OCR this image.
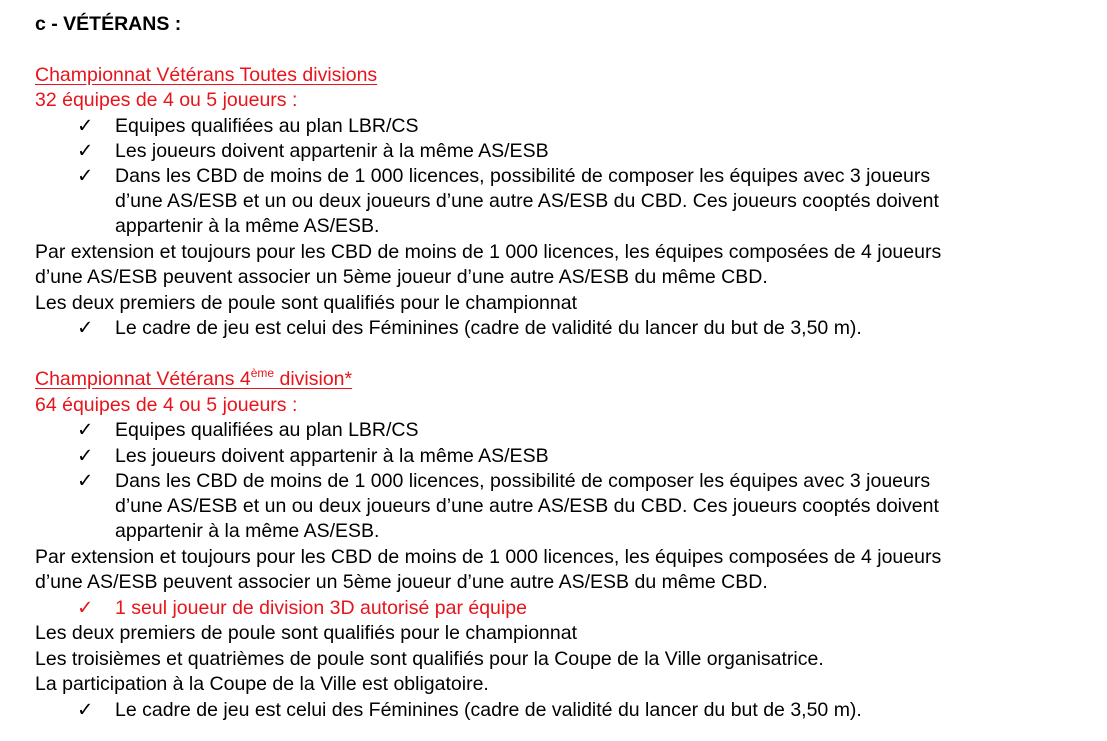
c - VÉTÉRANS :
Championnat Vétérans Toutes divisions
32 équipes de 4 ou 5 joueurs :
✓ Equipes qualifiées au plan LBR/CS
✓ Les joueurs doivent appartenir à la même AS/ESB
✓ Dans les CBD de moins de 1 000 licences, possibilité de composer les équipes avec 3 joueurs
d’une AS/ESB et un ou deux joueurs d’une autre AS/ESB du CBD. Ces joueurs cooptés doivent
appartenir à la même AS/ESB.
Par extension et toujours pour les CBD de moins de 1 000 licences, les équipes composées de 4 joueurs
d’une AS/ESB peuvent associer un 5ème joueur d’une autre AS/ESB du même CBD.
Les deux premiers de poule sont qualifiés pour le championnat
✓ Le cadre de jeu est celui des Féminines (cadre de validité du lancer du but de 3,50 m).
Championnat Vétérans 4ème division*
64 équipes de 4 ou 5 joueurs :
✓ Equipes qualifiées au plan LBR/CS
✓ Les joueurs doivent appartenir à la même AS/ESB
✓ Dans les CBD de moins de 1 000 licences, possibilité de composer les équipes avec 3 joueurs
d’une AS/ESB et un ou deux joueurs d’une autre AS/ESB du CBD. Ces joueurs cooptés doivent
appartenir à la même AS/ESB.
Par extension et toujours pour les CBD de moins de 1 000 licences, les équipes composées de 4 joueurs
d’une AS/ESB peuvent associer un 5ème joueur d’une autre AS/ESB du même CBD.
✓ 1 seul joueur de division 3D autorisé par équipe
Les deux premiers de poule sont qualifiés pour le championnat
Les troisièmes et quatrièmes de poule sont qualifiés pour la Coupe de la Ville organisatrice.
La participation à la Coupe de la Ville est obligatoire.
✓ Le cadre de jeu est celui des Féminines (cadre de validité du lancer du but de 3,50 m).
